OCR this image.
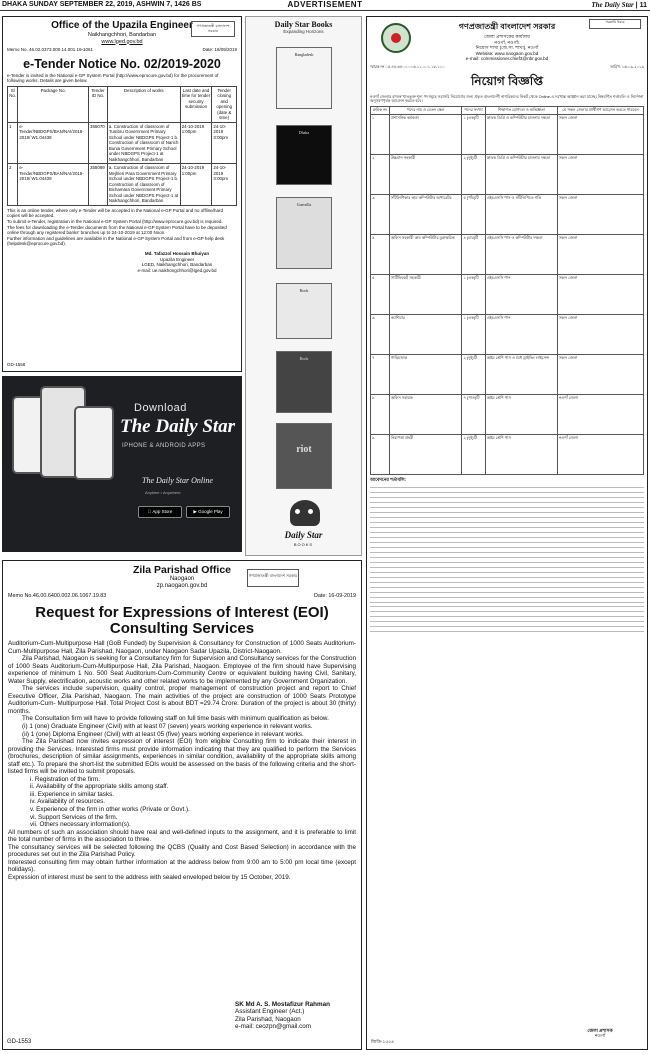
DHAKA SUNDAY SEPTEMBER 22, 2019, ASHWIN 7, 1426 BS	ADVERTISEMENT	The Daily Star | 11
গণপ্রজাতন্ত্রী বাংলাদেশ সরকার
Office of the Upazila Engineer
Naikhangchhori, Bandarban
www.lged.gov.bd
Memo No. 46.02.0373.000.14.001.19-1061	Date: 18/09/2019
e-Tender Notice No. 02/2019-2020
e-Tender is invited in the National e-GP System Portal (http://www.eprocure.gov.bd) for the procurement of following works. Details are given below.
Sl No.	Package No.	Tender ID No.	Description of works	Last date and time for tender security submission	Tender closing and opening (date & time)
1	e-Tender/NBDGPS/BAN/NAI/2018-2019/ W1.04438	355070	a. Construction of classroom of Tumbru Government Primary School under NBDGPS Project-1 b. Construction of classroom of Narich Bunia Government Primary School under NBDGPS Project-1 at Naikhangchhori, Bandarban	24-10-2019 1:00pm	24-10-2019 3:00pm
2	e-Tender/NBDGPS/BAN/NAI/2018-2019/ W1.04439	355089	a. Construction of classroom of Mejhleri Para Government Primary School under NBDGPS Project-1 b. Construction of classroom of Bichamara Government Primary School under NBDGPS Project-1 at Naikhangchhori, Bandarban	24-10-2019 1:00pm	24-10-2019 3:00pm
This is an online tender, where only e-Tender will be accepted in the National e-GP Portal and no offline/hard copies will be accepted.
To submit e-Tender, registration in the National e-GP System Portal (http://www.eprocure.gov.bd) is required.
The fees for downloading the e-Tender documents from the National e-GP System Portal have to be deposited online through any registered banks' branches up to 24-10-2019 at 12:00 Noon.
Further information and guidelines are available in the National e-GP System Portal and from e-GP help desk (helpdesk@eprocure.gov.bd).
Md. Tafazzol Hossain Bhuiyan
Upazila Engineer
LGED, Naikhangchhori, Bandarban
e-mail: ue.naikhongchhori@lged.gov.bd
GD-1558
Download
The Daily Star
IPHONE & ANDROID APPS
The Daily Star Online
Anytime • Anywhere
App Store	▶ Google Play
Daily Star Books
Expanding Horizons
Bangladesh
Dhaka
Guerrilla
Book
Book
riot
Daily Star
BOOKS
সরকারি খরচে
গণপ্রজাতন্ত্রী বাংলাদেশ সরকার
জেলা প্রশাসকের কার্যালয়
নওগাঁ, নওগাঁ।
নিয়োগ শাখা (জে.সা. শাখা), নওগাঁ
Website: www.naogaon.gov.bd
e-mail: commissioner.chief3@nbr.gov.bd
স্মারক নং ০৫.৪৪.৬৪০০.০০৬.১১.০০১.১৮-১১০	তারিখ: ১৬-০৯-২০১৯
নিয়োগ বিজ্ঞপ্তি
নওগাঁ জেলার রাজস্ব খাতভুক্ত শূন্য পদসমূহে সরাসরি নিয়োগের জন্য প্রকৃত বাংলাদেশী নাগরিকদের নিকট থেকে Online-এ দরখাস্ত আহ্বান করা যাচ্ছে। নিম্নবর্ণিত শর্তাবলি ও নির্দেশনা অনুসরণপূর্বক আবেদন করতে হবে।
ক্রমিক নং	পদের নাম ও বেতন স্কেল	পদের সংখ্যা	শিক্ষাগত যোগ্যতা ও অভিজ্ঞতা	যে সকল জেলার প্রার্থীগণ আবেদন করতে পারবেন
১	প্রশাসনিক কর্মকর্তা	১ (এক)টি	স্নাতক ডিগ্রি ও কম্পিউটার চালনায় দক্ষতা	সকল জেলা
২	উচ্চমান সহকারী	২ (দুই)টি	স্নাতক ডিগ্রি ও কম্পিউটার চালনায় দক্ষতা	সকল জেলা
৩	সাঁটলিপিকার কাম কম্পিউটার অপারেটর	৫ (পাঁচ)টি	এইচএসসি পাস ও সাঁটলিপিতে গতি	সকল জেলা
৪	অফিস সহকারী কাম কম্পিউটার মুদ্রাক্ষরিক	৪ (চার)টি	এইচএসসি পাস ও কম্পিউটার দক্ষতা	সকল জেলা
৫	সার্টিফিকেট সহকারী	১ (এক)টি	এইচএসসি পাস	সকল জেলা
৬	ক্যাশিয়ার	১ (এক)টি	এইচএসসি পাস	সকল জেলা
৭	গাড়িচালক	২ (দুই)টি	অষ্টম শ্রেণি পাস ও বৈধ ড্রাইভিং লাইসেন্স	সকল জেলা
৮	অফিস সহায়ক	৭ (সাত)টি	অষ্টম শ্রেণি পাস	নওগাঁ জেলা
৯	নিরাপত্তা প্রহরী	২ (দুই)টি	অষ্টম শ্রেণি পাস	নওগাঁ জেলা
আবেদনের শর্তাবলি:
জেলা প্রশাসক
নওগাঁ
জিডি-১৫৫৪
গণপ্রজাতন্ত্রী বাংলাদেশ সরকার
Zila Parishad Office
Naogaon
zp.naogaon.gov.bd
Memo No.46.00.6400.002.06.1067.19.83	Date: 16-09-2019
Request for Expressions of Interest (EOI)
Consulting Services

Auditorium-Cum-Multipurpose Hall (GoB Funded) by Supervision & Consultancy for Construction of 1000 Seats Auditorium-Cum-Multipurpose Hall, Zila Parishad, Naogaon, under Naogaon Sadar Upazila, District-Naogaon.

Zila Parishad, Naogaon is seeking for a Consultancy firm for Supervision and Consultancy services for the Construction of 1000 Seats Auditorium-Cum-Multipurpose Hall, Zila Parishad, Naogaon. Employee of the firm should have Supervising experience of minimum 1 No. 500 Seat Auditorium-Cum-Community Centre or equivalent building having Civil, Sanitary, Water Supply, electrification, acoustic works and other related works to be implemented by any Government Organization.

The services include supervision, quality control, proper management of construction project and report to Chief Executive Officer, Zila Parishad, Naogaon. The main activities of the project are construction of 1000 Seats Prototype Auditorium-Cum- Multipurpose Hall. Total Project Cost is about BDT =29.74 Crore. Duration of the project is about 30 (thirty) months.

The Consultation firm will have to provide following staff on full time basis with minimum qualification as below.

(i) 1 (one) Graduate Engineer (Civil) with at least 07 (seven) years working experience in relevant works.

(ii) 1 (one) Diploma Engineer (Civil) with at least 05 (five) years working experience in relevant works.

The Zila Parishad now invites expression of interest (EOI) from eligible Consulting firm to indicate their interest in providing the Services. Interested firms must provide information indicating that they are qualified to perform the Services (brochures, description of similar assignments, experiences in similar condition, availability of the appropriate skills among staff etc.). To prepare the short-list the submitted EOIs would be assessed on the basis of the following criteria and the short-listed firms will be invited to submit proposals.

i. Registration of the firm.

ii. Availability of the appropriate skills among staff.

iii. Experience in similar tasks.

iv. Availability of resources.

v. Experience of the firm in other works (Private or Govt.).

vi. Support Services of the firm.

vii. Others necessary information(s).

All numbers of such an association should have real and well-defined inputs to the assignment, and it is preferable to limit the total number of firms in the association to three.

The consultancy services will be selected following the QCBS (Quality and Cost Based Selection) in accordance with the procedures set out in the Zila Parishad Policy.

Interested consulting firm may obtain further information at the address below from 9:00 am to 5:00 pm local time (except holidays).

Expression of interest must be sent to the address with sealed enveloped below by 15 October, 2019.

SK Md A. S. Mostafizur Rahman
Assistant Engineer (Act.)
Zila Parishad, Naogaon
e-mail: ceozpn@gmail.com
GD-1553
